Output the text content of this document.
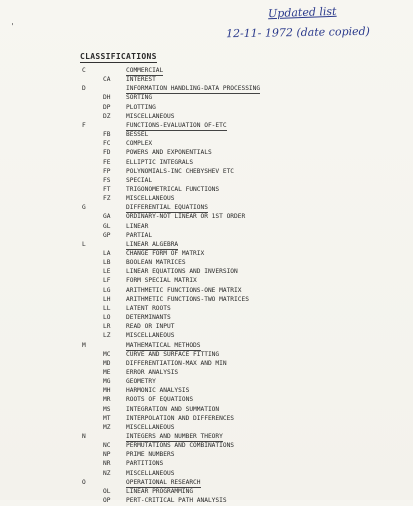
'
Updated list
12-11- 1972 (date copied)
CLASSIFICATIONS
C	COMMERCIAL
CA	INTEREST
D	INFORMATION HANDLING-DATA PROCESSING
DH	SORTING
DP	PLOTTING
DZ	MISCELLANEOUS
F	FUNCTIONS-EVALUATION OF-ETC
FB	BESSEL
FC	COMPLEX
FD	POWERS AND EXPONENTIALS
FE	ELLIPTIC INTEGRALS
FP	POLYNOMIALS-INC CHEBYSHEV ETC
FS	SPECIAL
FT	TRIGONOMETRICAL FUNCTIONS
FZ	MISCELLANEOUS
G	DIFFERENTIAL EQUATIONS
GA	ORDINARY-NOT LINEAR OR 1ST ORDER
GL	LINEAR
GP	PARTIAL
L	LINEAR ALGEBRA
LA	CHANGE FORM OF MATRIX
LB	BOOLEAN MATRICES
LE	LINEAR EQUATIONS AND INVERSION
LF	FORM SPECIAL MATRIX
LG	ARITHMETIC FUNCTIONS-ONE MATRIX
LH	ARITHMETIC FUNCTIONS-TWO MATRICES
LL	LATENT ROOTS
LO	DETERMINANTS
LR	READ OR INPUT
LZ	MISCELLANEOUS
M	MATHEMATICAL METHODS
MC	CURVE AND SURFACE FITTING
MD	DIFFERENTIATION-MAX AND MIN
ME	ERROR ANALYSIS
MG	GEOMETRY
MH	HARMONIC ANALYSIS
MR	ROOTS OF EQUATIONS
MS	INTEGRATION AND SUMMATION
MT	INTERPOLATION AND DIFFERENCES
MZ	MISCELLANEOUS
N	INTEGERS AND NUMBER THEORY
NC	PERMUTATIONS AND COMBINATIONS
NP	PRIME NUMBERS
NR	PARTITIONS
NZ	MISCELLANEOUS
O	OPERATIONAL RESEARCH
OL	LINEAR PROGRAMMING
OP	PERT-CRITICAL PATH ANALYSIS
